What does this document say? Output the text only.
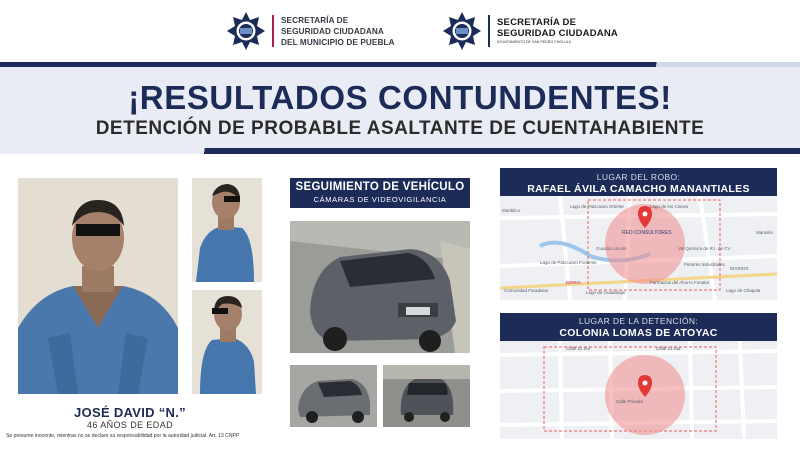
SECRETARÍA DE
SEGURIDAD CIUDADANA
DEL MUNICIPIO DE PUEBLA
SECRETARÍA DE
SEGURIDAD CIUDADANA
AYUNTAMIENTO DE SAN PEDRO CHOLULA
¡RESULTADOS CONTUNDENTES!
DETENCIÓN DE PROBABLE ASALTANTE DE CUENTAHABIENTE
JOSÉ DAVID “N.”
46 AÑOS DE EDAD
Se presume inocente, mientras no se declare su responsabilidad por la autoridad judicial. Art. 13 CNPP
SEGUIMIENTO DE VEHÍCULO
CÁMARAS DE VIDEOVIGILANCIA
LUGAR DEL ROBO:
RAFAEL ÁVILA CAMACHO MANANTIALES
Mueblico
Lago de Patzcuaro Oriente
Lago de Patzcuaro Poniente
RED CONSULTORES
Guarda Lincoln	Val Química de R.I. de CV
Pintores Industriales
Farmacias del Ahorro Fonatur
Lago de los Cisnes
Comunidad Faradalos
BIRRIA
Lago de Guadalupe
Mansión
Lago de Chapala
DIARIOS
LUGAR DE LA DETENCIÓN:
COLONIA LOMAS DE ATOYAC
Calle 11 Sur	Calle 13 Sur
Calle Privada
